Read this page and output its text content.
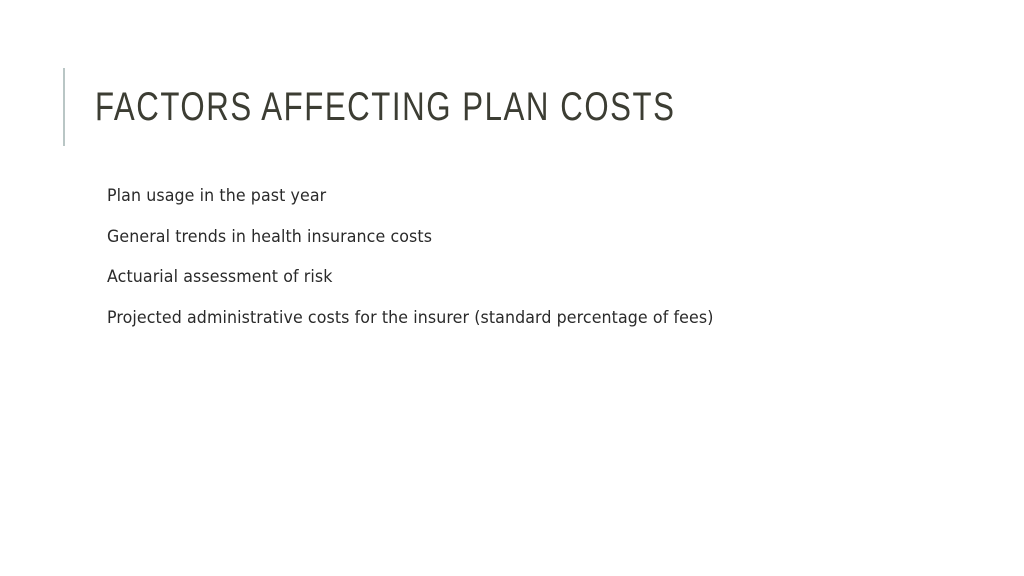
FACTORS AFFECTING PLAN COSTS
Plan usage in the past year
General trends in health insurance costs
Actuarial assessment of risk
Projected administrative costs for the insurer (standard percentage of fees)
